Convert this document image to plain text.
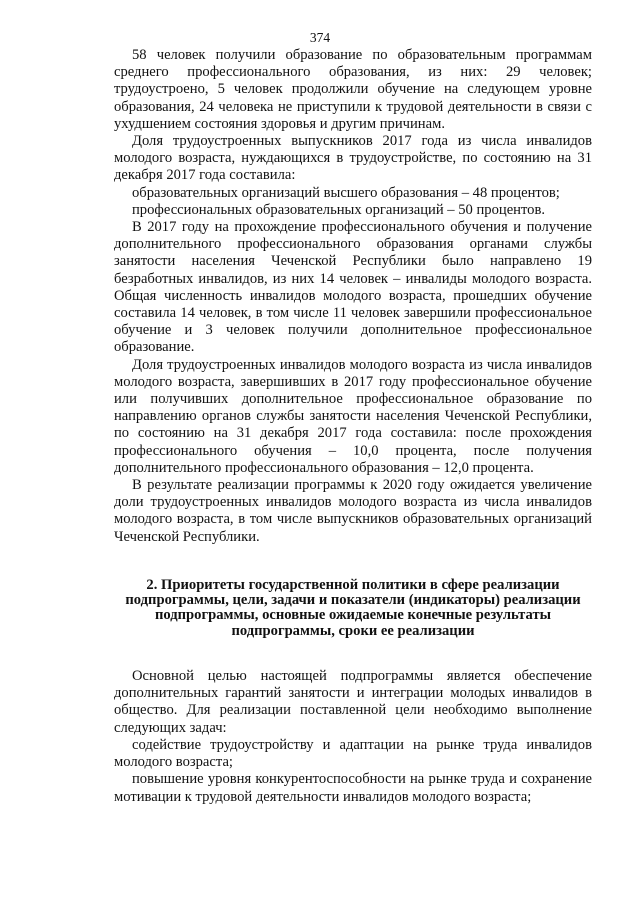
374

58 человек получили образование по образовательным программам среднего профессионального образования, из них: 29 человек; трудоустроено, 5 человек продолжили обучение на следующем уровне образования, 24 человека не приступили к трудовой деятельности в связи с ухудшением состояния здоровья и другим причинам.

Доля трудоустроенных выпускников 2017 года из числа инвалидов молодого возраста, нуждающихся в трудоустройстве, по состоянию на 31 декабря 2017 года составила:

образовательных организаций высшего образования – 48 процентов;

профессиональных образовательных организаций – 50 процентов.

В 2017 году на прохождение профессионального обучения и получение дополнительного профессионального образования органами службы занятости населения Чеченской Республики было направлено 19 безработных инвалидов, из них 14 человек – инвалиды молодого возраста. Общая численность инвалидов молодого возраста, прошедших обучение составила 14 человек, в том числе 11 человек завершили профессиональное обучение и 3 человек получили дополнительное профессиональное образование.

Доля трудоустроенных инвалидов молодого возраста из числа инвалидов молодого возраста, завершивших в 2017 году профессиональное обучение или получивших дополнительное профессиональное образование по направлению органов службы занятости населения Чеченской Республики, по состоянию на 31 декабря 2017 года составила: после прохождения профессионального обучения – 10,0 процента, после получения дополнительного профессионального образования – 12,0 процента.

В результате реализации программы к 2020 году ожидается увеличение доли трудоустроенных инвалидов молодого возраста из числа инвалидов молодого возраста, в том числе выпускников образовательных организаций Чеченской Республики.

2. Приоритеты государственной политики в сфере реализации подпрограммы, цели, задачи и показатели (индикаторы) реализации подпрограммы, основные ожидаемые конечные результаты подпрограммы, сроки ее реализации

Основной целью настоящей подпрограммы является обеспечение дополнительных гарантий занятости и интеграции молодых инвалидов в общество. Для реализации поставленной цели необходимо выполнение следующих задач:

содействие трудоустройству и адаптации на рынке труда инвалидов молодого возраста;

повышение уровня конкурентоспособности на рынке труда и сохранение мотивации к трудовой деятельности инвалидов молодого возраста;
